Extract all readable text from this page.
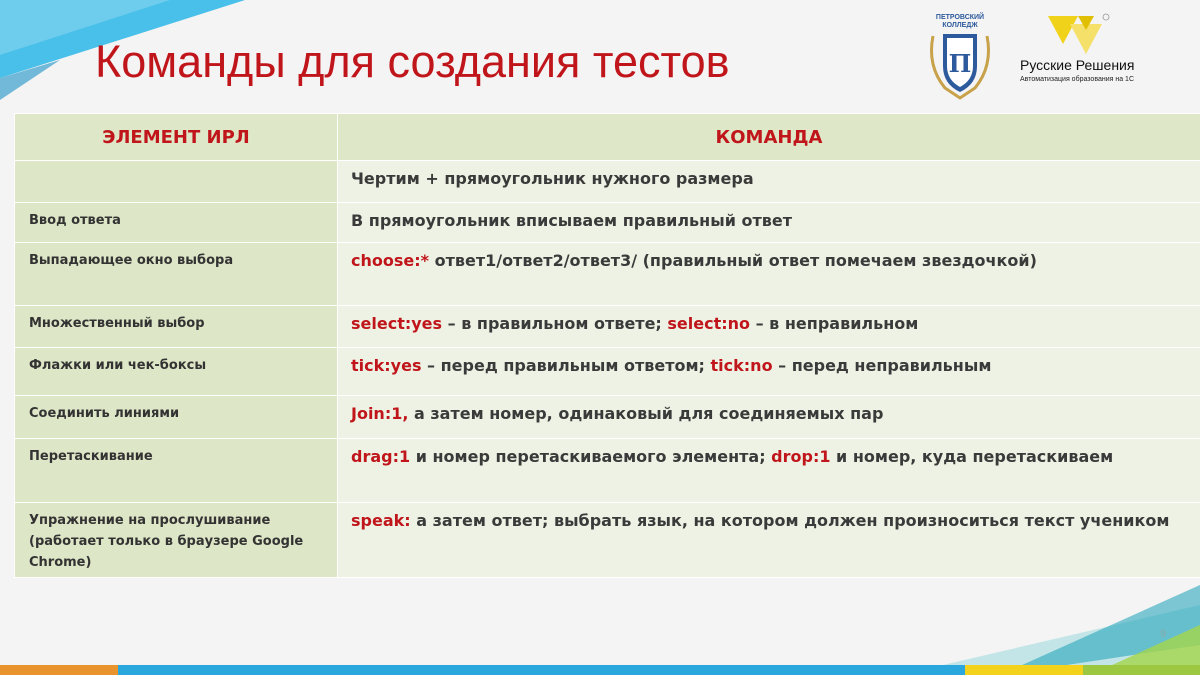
Команды для создания тестов
ПЕТРОВСКИЙ КОЛЛЕДЖ
П	Русские Решения
Автоматизация образования на 1С
ЭЛЕМЕНТ ИРЛ	КОМАНДА
	Чертим + прямоугольник нужного размера
Ввод ответа	В прямоугольник вписываем правильный ответ
Выпадающее окно выбора	choose:* ответ1/ответ2/ответ3/ (правильный ответ помечаем звездочкой)
Множественный выбор	select:yes – в правильном ответе; select:no – в неправильном
Флажки или чек-боксы	tick:yes – перед правильным ответом; tick:no – перед неправильным
Соединить линиями	Join:1, а затем номер, одинаковый для соединяемых пар
Перетаскивание	drag:1 и номер перетаскиваемого элемента; drop:1 и номер, куда перетаскиваем
Упражнение на прослушивание (работает только в браузере Google Chrome)	speak: а затем ответ; выбрать язык, на котором должен произноситься текст учеником
9
